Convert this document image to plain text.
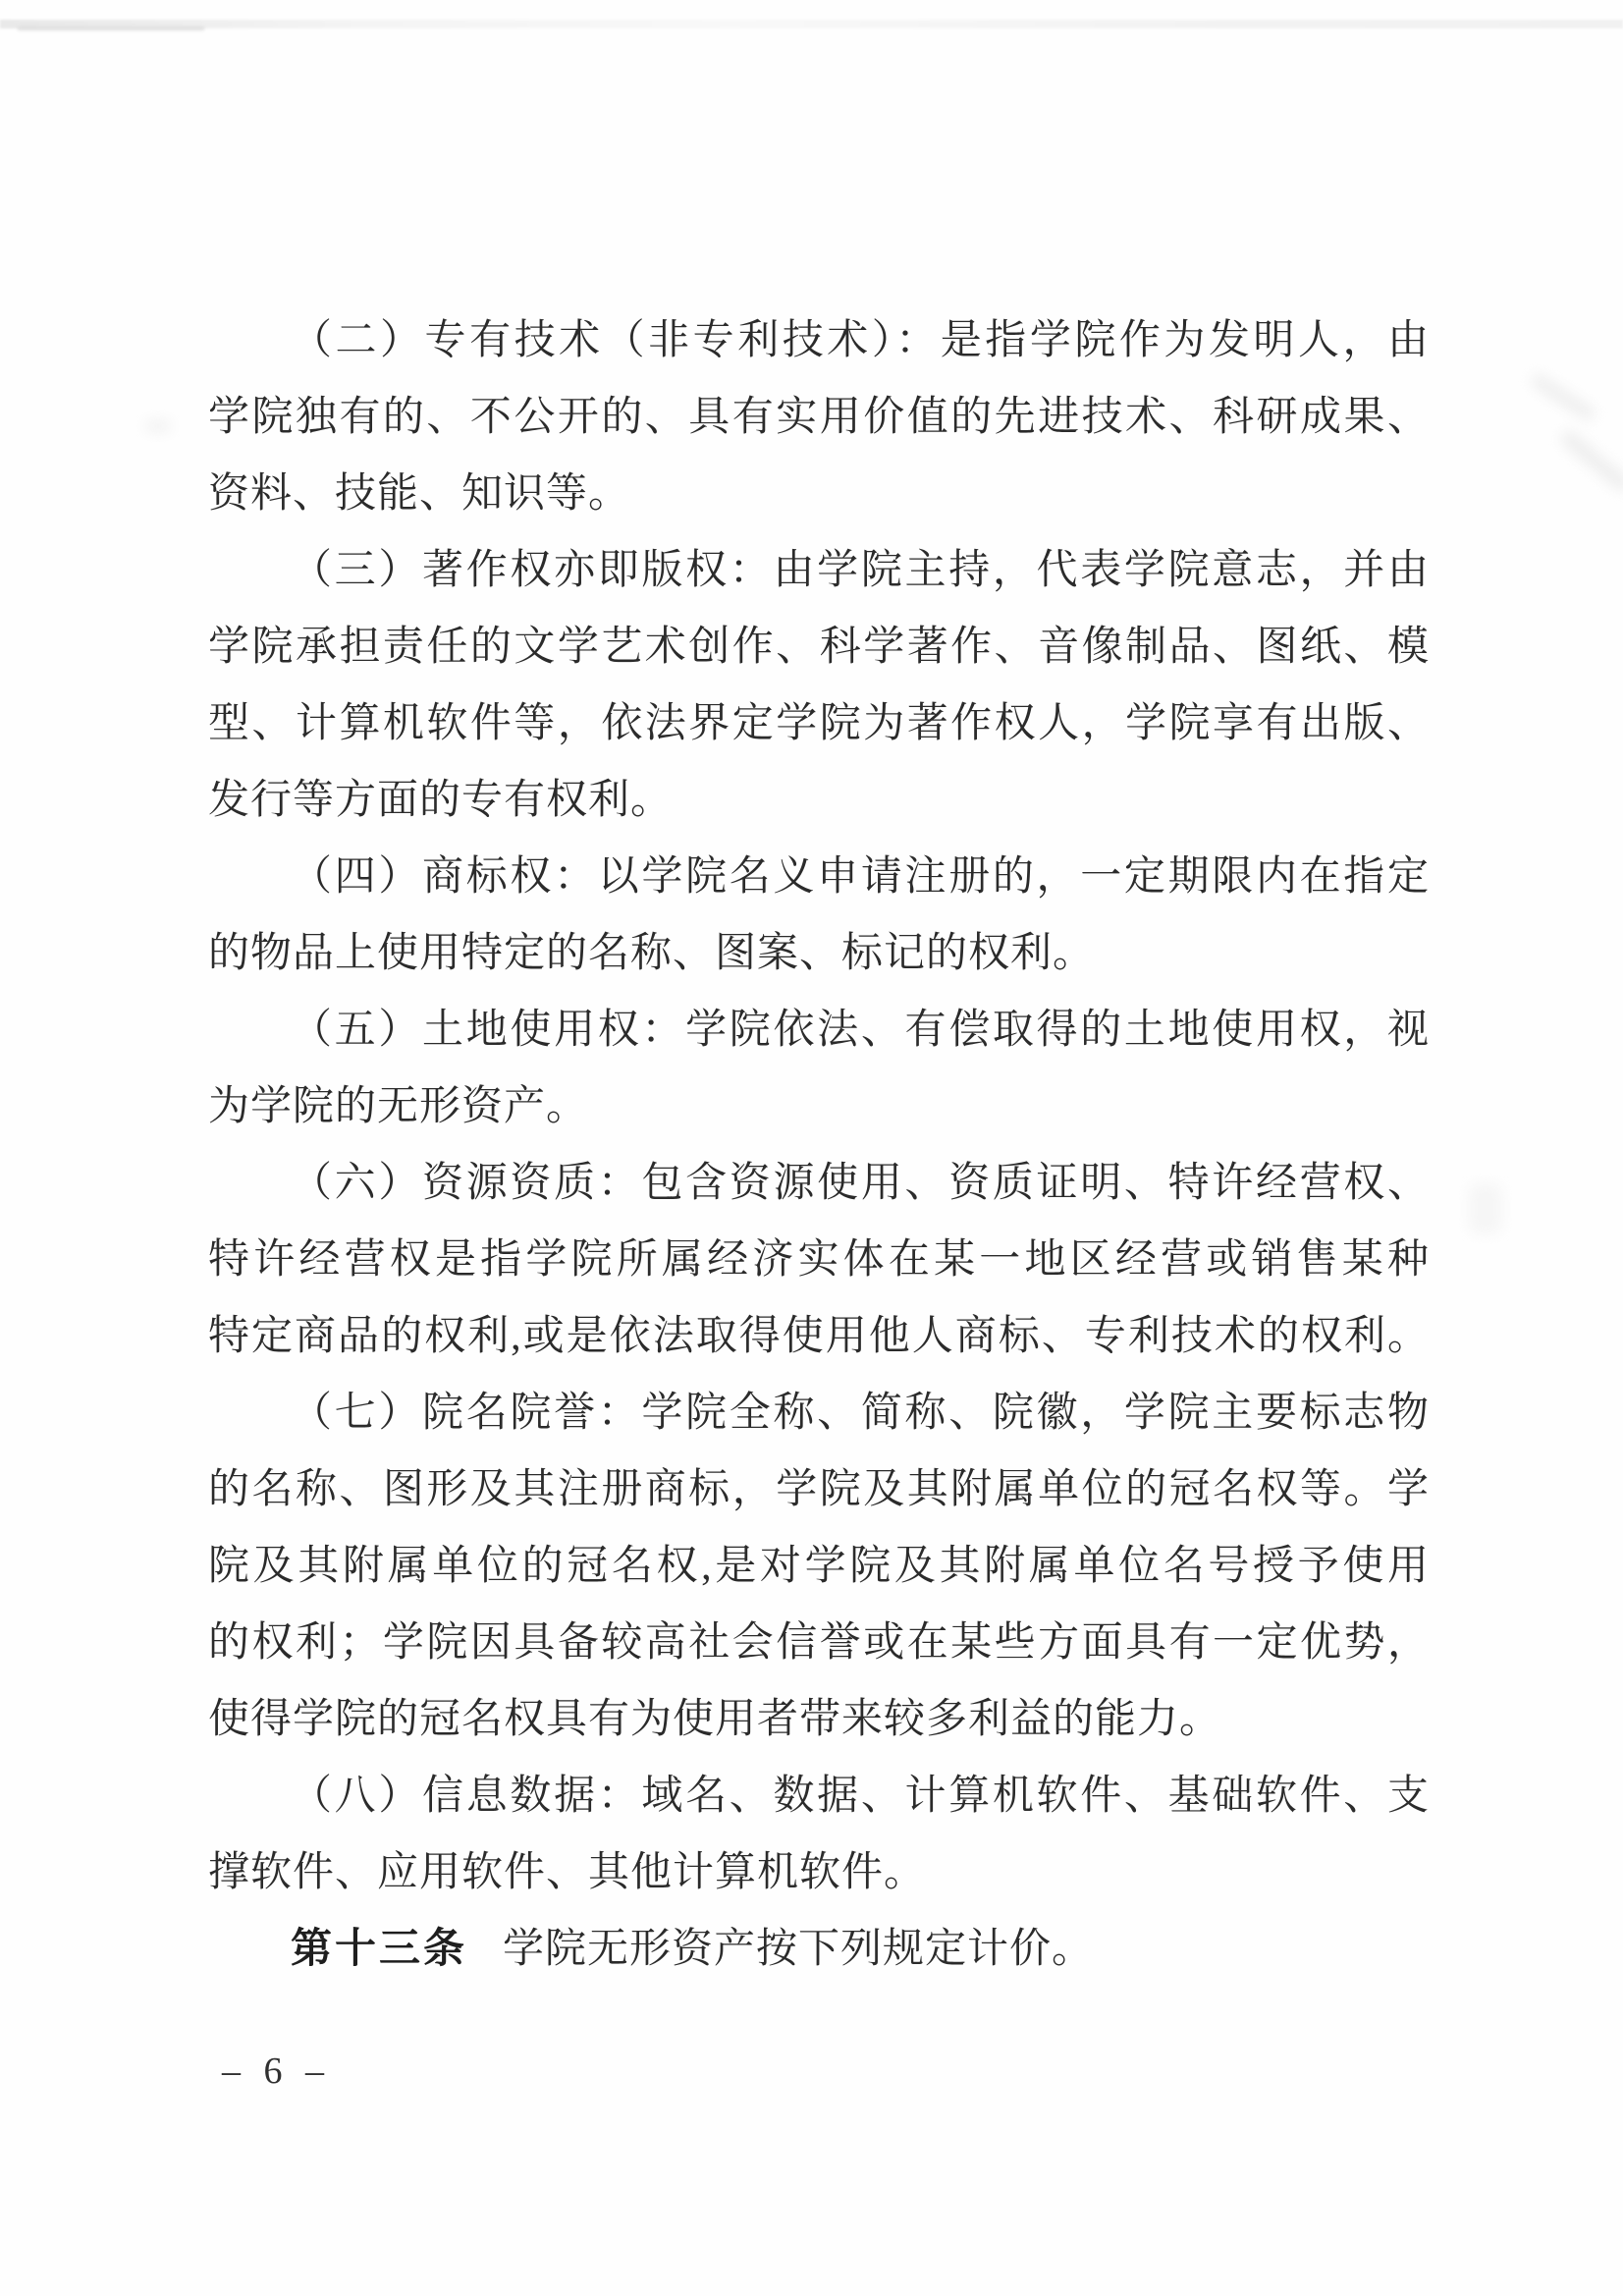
（二）专有技术（非专利技术）：是指学院作为发明人，由
学院独有的、不公开的、具有实用价值的先进技术、科研成果、
资料、技能、知识等。
（三）著作权亦即版权：由学院主持，代表学院意志，并由
学院承担责任的文学艺术创作、科学著作、音像制品、图纸、模
型、计算机软件等，依法界定学院为著作权人，学院享有出版、
发行等方面的专有权利。
（四）商标权：以学院名义申请注册的，一定期限内在指定
的物品上使用特定的名称、图案、标记的权利。
（五）土地使用权：学院依法、有偿取得的土地使用权，视
为学院的无形资产。
（六）资源资质：包含资源使用、资质证明、特许经营权、
特许经营权是指学院所属经济实体在某一地区经营或销售某种
特定商品的权利,或是依法取得使用他人商标、专利技术的权利。
（七）院名院誉：学院全称、简称、院徽，学院主要标志物
的名称、图形及其注册商标，学院及其附属单位的冠名权等。学
院及其附属单位的冠名权,是对学院及其附属单位名号授予使用
的权利；学院因具备较高社会信誉或在某些方面具有一定优势，
使得学院的冠名权具有为使用者带来较多利益的能力。
（八）信息数据：域名、数据、计算机软件、基础软件、支
撑软件、应用软件、其他计算机软件。
第十三条 学院无形资产按下列规定计价。
– 6 –
